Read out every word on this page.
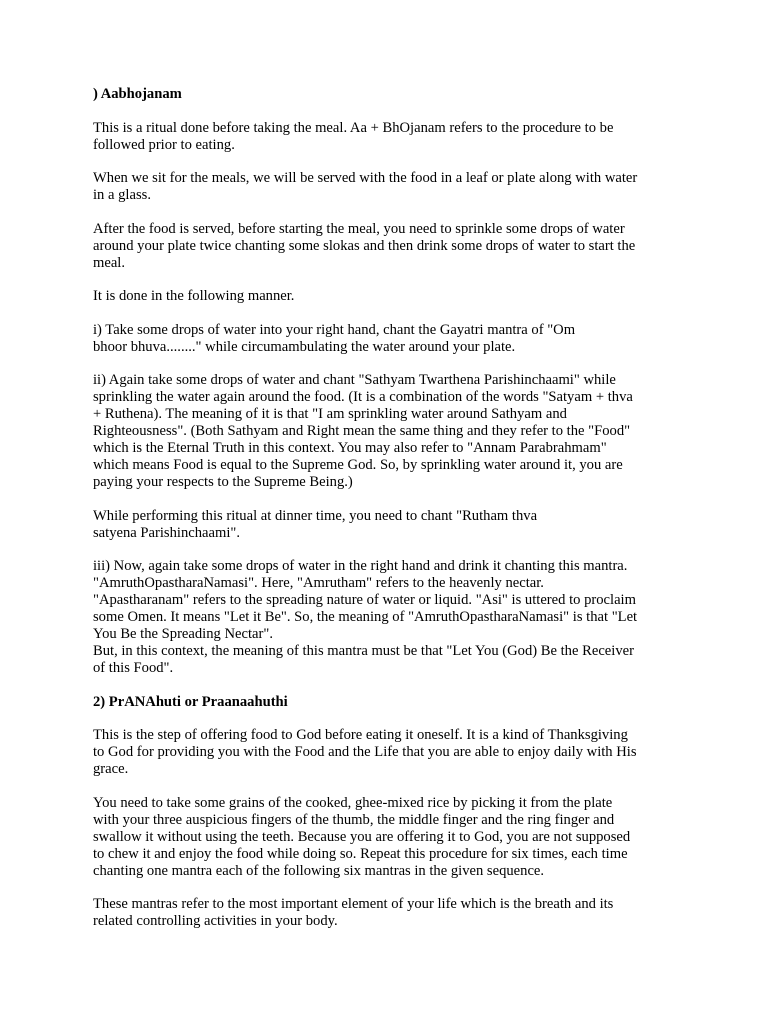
) Aabhojanam
This is a ritual done before taking the meal. Aa + BhOjanam refers to the procedure to be
followed prior to eating.
When we sit for the meals, we will be served with the food in a leaf or plate along with water
in a glass.
After the food is served, before starting the meal, you need to sprinkle some drops of water
around your plate twice chanting some slokas and then drink some drops of water to start the
meal.
It is done in the following manner.
i) Take some drops of water into your right hand, chant the Gayatri mantra of "Om
bhoor bhuva........" while circumambulating the water around your plate.
ii) Again take some drops of water and chant "Sathyam Twarthena Parishinchaami" while
sprinkling the water again around the food. (It is a combination of the words "Satyam + thva
+ Ruthena). The meaning of it is that "I am sprinkling water around Sathyam and
Righteousness". (Both Sathyam and Right mean the same thing and they refer to the "Food"
which is the Eternal Truth in this context. You may also refer to "Annam Parabrahmam"
which means Food is equal to the Supreme God. So, by sprinkling water around it, you are
paying your respects to the Supreme Being.)
While performing this ritual at dinner time, you need to chant "Rutham thva
satyena Parishinchaami".
iii) Now, again take some drops of water in the right hand and drink it chanting this mantra.
"AmruthOpastharaNamasi". Here, "Amrutham" refers to the heavenly nectar.
"Apastharanam" refers to the spreading nature of water or liquid. "Asi" is uttered to proclaim
some Omen. It means "Let it Be". So, the meaning of "AmruthOpastharaNamasi" is that "Let
You Be the Spreading Nectar".
But, in this context, the meaning of this mantra must be that "Let You (God) Be the Receiver
of this Food".
2) PrANAhuti or Praanaahuthi
This is the step of offering food to God before eating it oneself. It is a kind of Thanksgiving
to God for providing you with the Food and the Life that you are able to enjoy daily with His
grace.
You need to take some grains of the cooked, ghee-mixed rice by picking it from the plate
with your three auspicious fingers of the thumb, the middle finger and the ring finger and
swallow it without using the teeth. Because you are offering it to God, you are not supposed
to chew it and enjoy the food while doing so. Repeat this procedure for six times, each time
chanting one mantra each of the following six mantras in the given sequence.
These mantras refer to the most important element of your life which is the breath and its
related controlling activities in your body.
